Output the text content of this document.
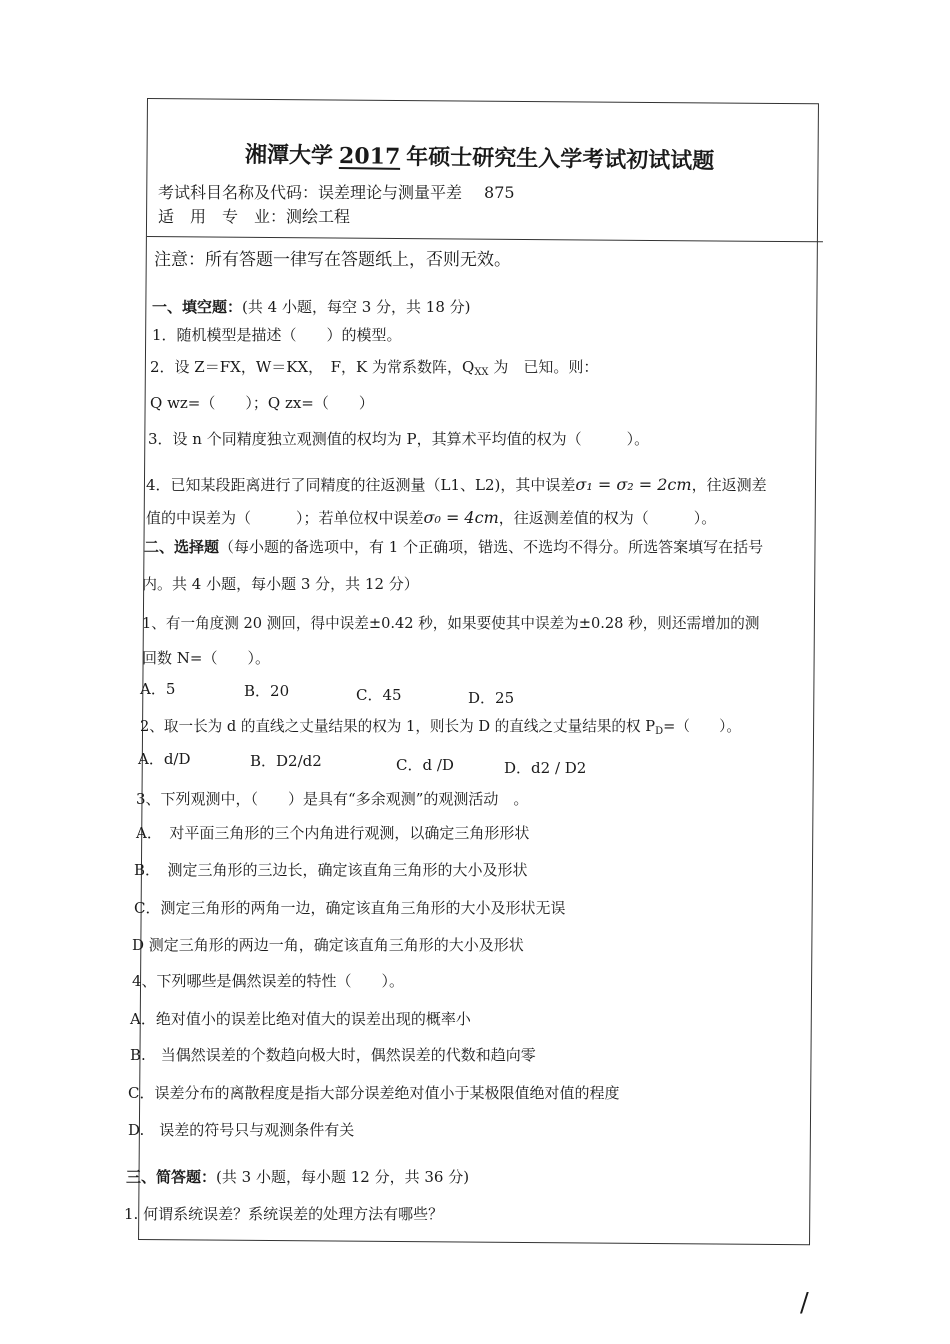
湘潭大学 2017 年硕士研究生入学考试初试试题
考试科目名称及代码：误差理论与测量平差 875
适　用　专　业：测绘工程
注意：所有答题一律写在答题纸上，否则无效。
一、填空题：(共 4 小题，每空 3 分，共 18 分)
1．随机模型是描述（　　）的模型。
2．设 Z＝FX，W＝KX，　F，K 为常系数阵，$Q_{XX}$ 为　已知。则：
Q wz=（　　）；Q zx=（　　）
3．设 n 个同精度独立观测值的权均为 P，其算术平均值的权为（　　　）。
4．已知某段距离进行了同精度的往返测量（L1、L2)，其中误差σ₁ = σ₂ = 2cm，往返测差
值的中误差为（　　　）；若单位权中误差σ₀ = 4cm，往返测差值的权为（　　　）。
二、选择题（每小题的备选项中，有 1 个正确项，错选、不选均不得分。所选答案填写在括号
内。共 4 小题，每小题 3 分，共 12 分）
1、有一角度测 20 测回，得中误差±0.42 秒，如果要使其中误差为±0.28 秒，则还需增加的测
回数 N=（　　）。
A．5	B．20	C．45	D．25
2、取一长为 d 的直线之丈量结果的权为 1，则长为 D 的直线之丈量结果的权 $P_D=$（　　）。
A．d/D	B．D2/d2	C．d /D	D．d2 / D2
3、下列观测中，（　　）是具有“多余观测”的观测活动　。
A．　对平面三角形的三个内角进行观测，以确定三角形形状
B．　测定三角形的三边长，确定该直角三角形的大小及形状
C．测定三角形的两角一边，确定该直角三角形的大小及形状无误
D 测定三角形的两边一角，确定该直角三角形的大小及形状
4、下列哪些是偶然误差的特性（　　）。
A．绝对值小的误差比绝对值大的误差出现的概率小
B.　当偶然误差的个数趋向极大时，偶然误差的代数和趋向零
C．误差分布的离散程度是指大部分误差绝对值小于某极限值绝对值的程度
D.　误差的符号只与观测条件有关
三、简答题：(共 3 小题，每小题 12 分，共 36 分)
1. 何谓系统误差？系统误差的处理方法有哪些？
/
